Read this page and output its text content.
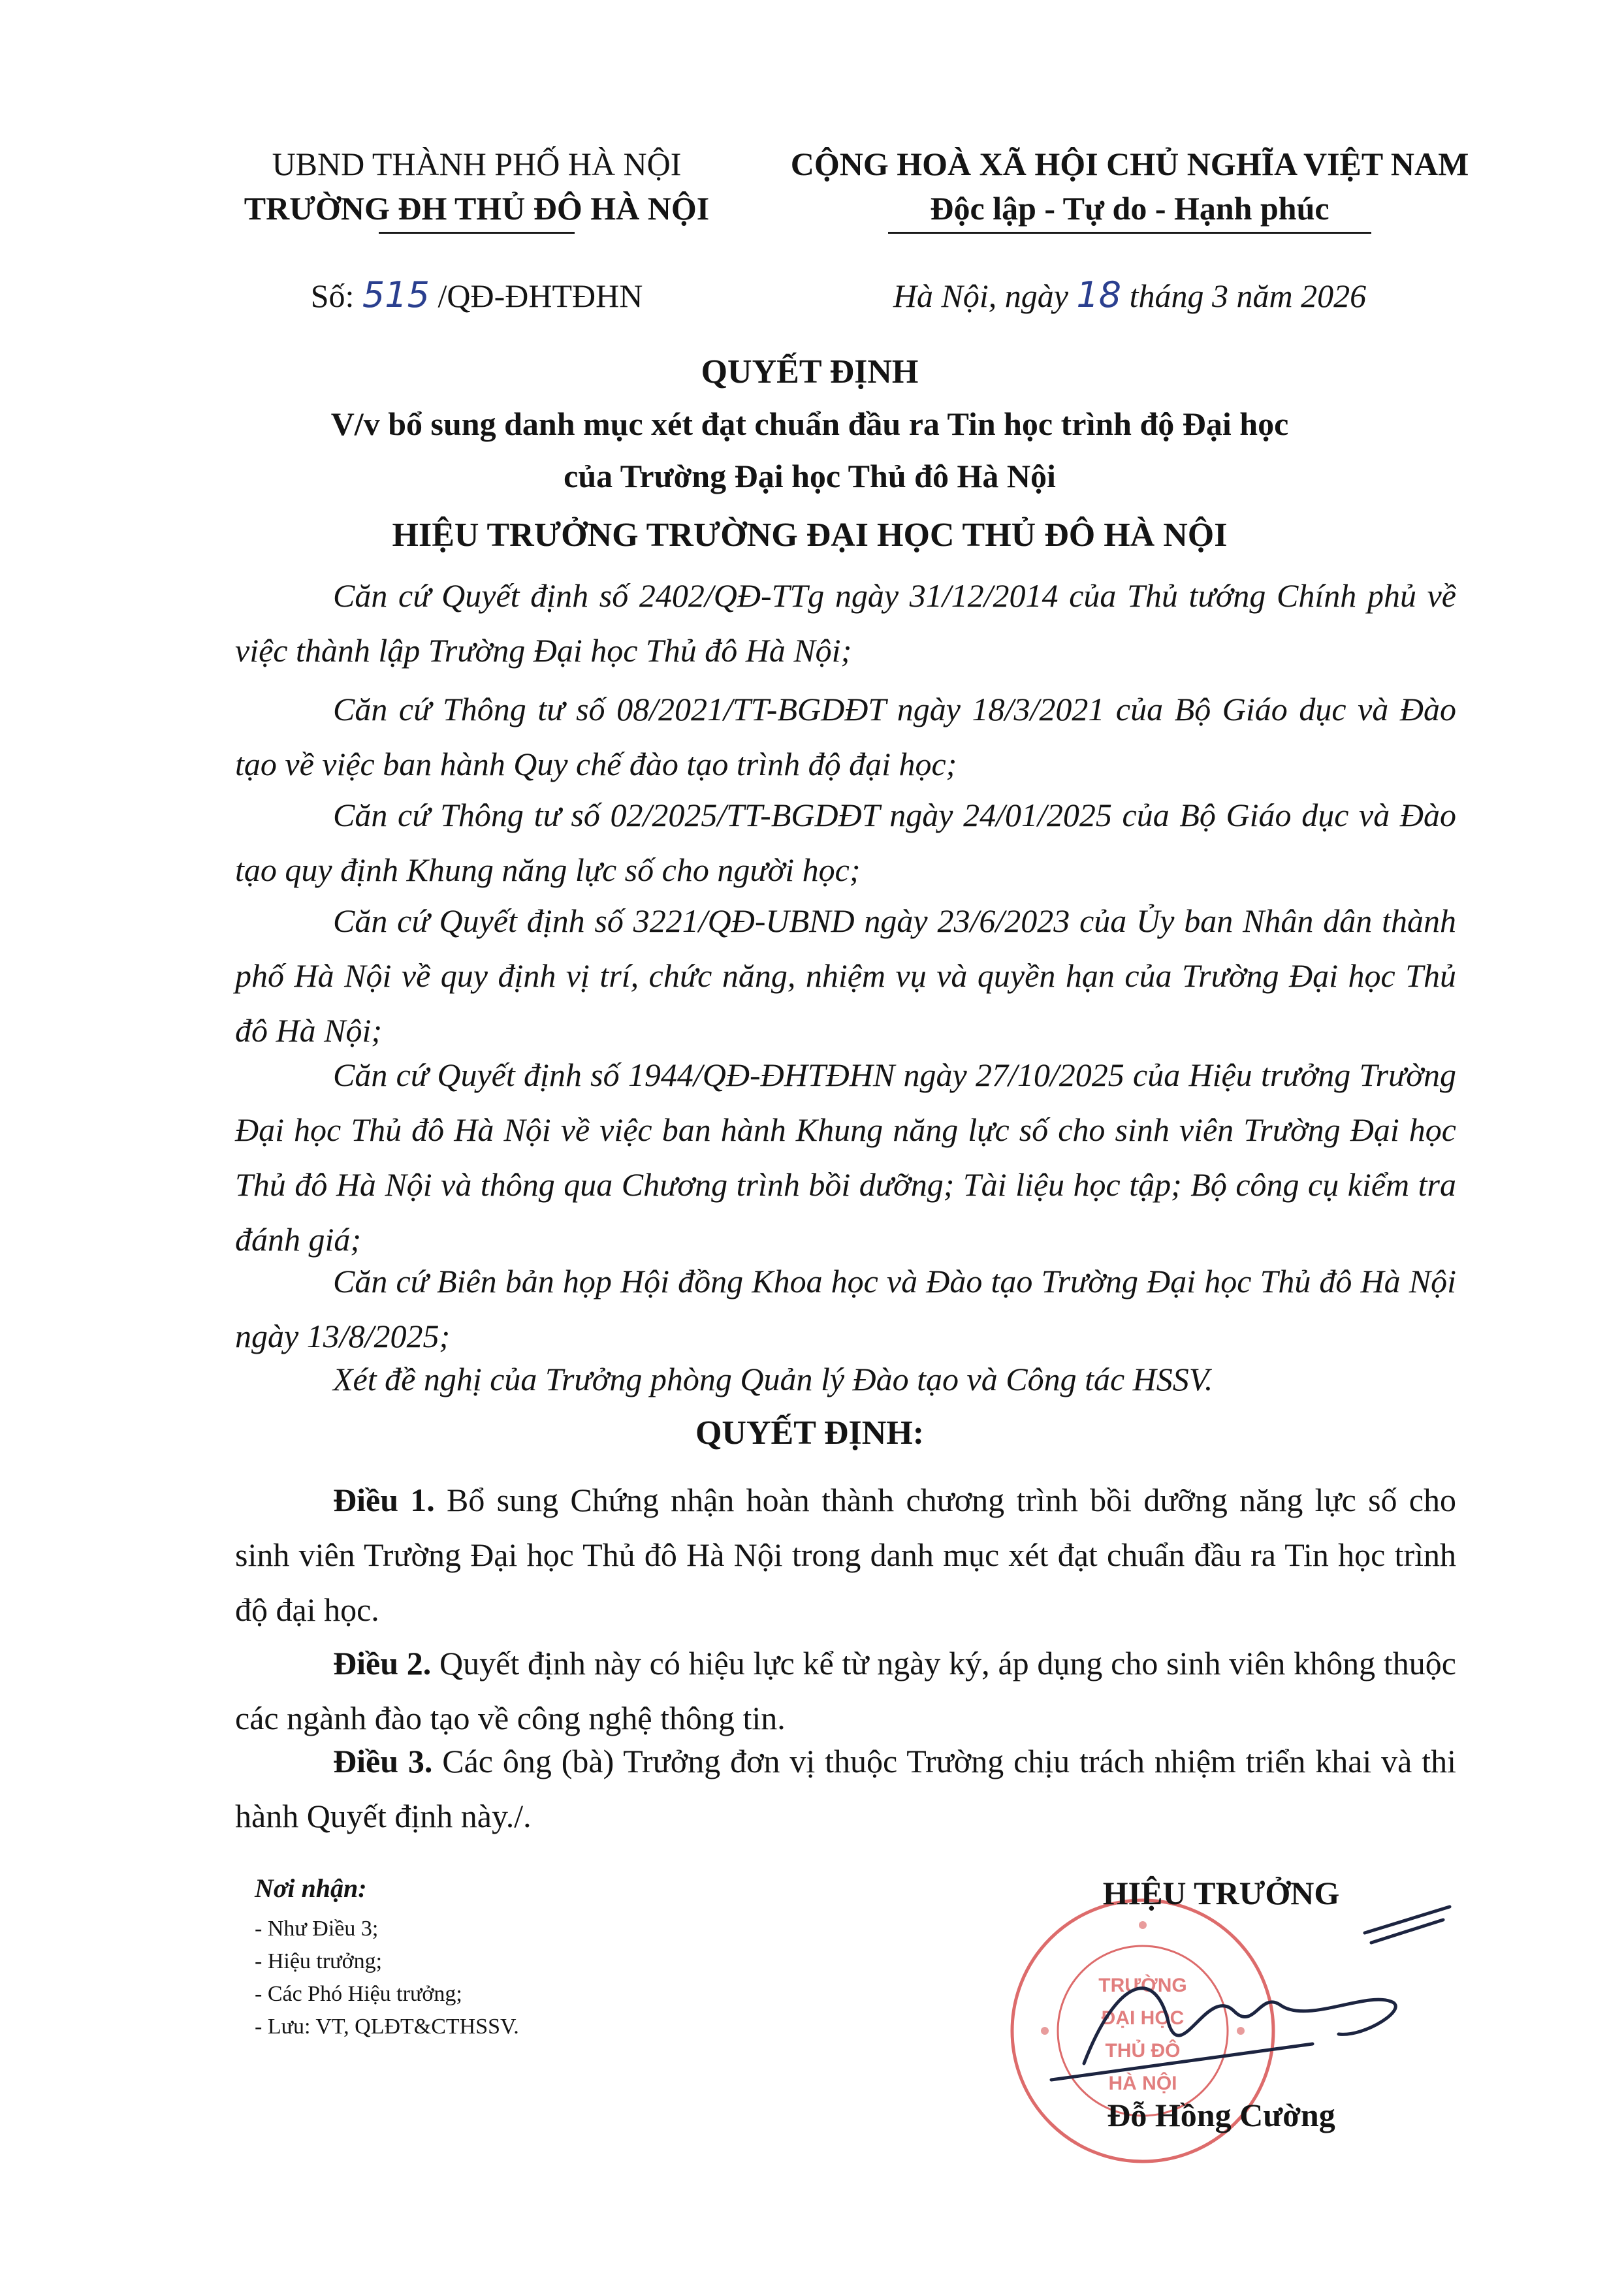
UBND THÀNH PHỐ HÀ NỘI
TRƯỜNG ĐH THỦ ĐÔ HÀ NỘI
CỘNG HOÀ XÃ HỘI CHỦ NGHĨA VIỆT NAM
Độc lập - Tự do - Hạnh phúc
Số: 515 /QĐ-ĐHTĐHN	Hà Nội, ngày 18 tháng 3 năm 2026
QUYẾT ĐỊNH
V/v bổ sung danh mục xét đạt chuẩn đầu ra Tin học trình độ Đại học
của Trường Đại học Thủ đô Hà Nội
HIỆU TRƯỞNG TRƯỜNG ĐẠI HỌC THỦ ĐÔ HÀ NỘI
Căn cứ Quyết định số 2402/QĐ-TTg ngày 31/12/2014 của Thủ tướng Chính phủ về việc thành lập Trường Đại học Thủ đô Hà Nội;
Căn cứ Thông tư số 08/2021/TT-BGDĐT ngày 18/3/2021 của Bộ Giáo dục và Đào tạo về việc ban hành Quy chế đào tạo trình độ đại học;
Căn cứ Thông tư số 02/2025/TT-BGDĐT ngày 24/01/2025 của Bộ Giáo dục và Đào tạo quy định Khung năng lực số cho người học;
Căn cứ Quyết định số 3221/QĐ-UBND ngày 23/6/2023 của Ủy ban Nhân dân thành phố Hà Nội về quy định vị trí, chức năng, nhiệm vụ và quyền hạn của Trường Đại học Thủ đô Hà Nội;
Căn cứ Quyết định số 1944/QĐ-ĐHTĐHN ngày 27/10/2025 của Hiệu trưởng Trường Đại học Thủ đô Hà Nội về việc ban hành Khung năng lực số cho sinh viên Trường Đại học Thủ đô Hà Nội và thông qua Chương trình bồi dưỡng; Tài liệu học tập; Bộ công cụ kiểm tra đánh giá;
Căn cứ Biên bản họp Hội đồng Khoa học và Đào tạo Trường Đại học Thủ đô Hà Nội ngày 13/8/2025;
Xét đề nghị của Trưởng phòng Quản lý Đào tạo và Công tác HSSV.
QUYẾT ĐỊNH:
Điều 1. Bổ sung Chứng nhận hoàn thành chương trình bồi dưỡng năng lực số cho sinh viên Trường Đại học Thủ đô Hà Nội trong danh mục xét đạt chuẩn đầu ra Tin học trình độ đại học.
Điều 2. Quyết định này có hiệu lực kể từ ngày ký, áp dụng cho sinh viên không thuộc các ngành đào tạo về công nghệ thông tin.
Điều 3. Các ông (bà) Trưởng đơn vị thuộc Trường chịu trách nhiệm triển khai và thi hành Quyết định này./.
Nơi nhận:
- Như Điều 3;
- Hiệu trưởng;
- Các Phó Hiệu trưởng;
- Lưu: VT, QLĐT&CTHSSV.
TRƯỜNG
ĐẠI HỌC
THỦ ĐÔ
HÀ NỘI
HIỆU TRƯỞNG
Đỗ Hồng Cường
